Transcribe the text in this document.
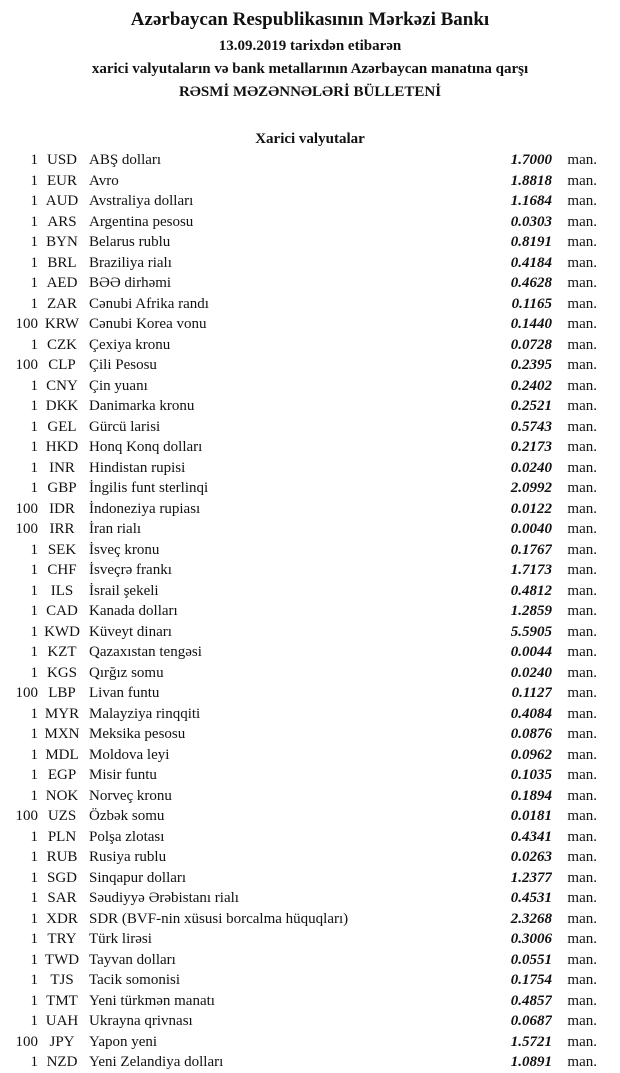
Azərbaycan Respublikasının Mərkəzi Bankı
13.09.2019 tarixdən etibarən
xarici valyutaların və bank metallarının Azərbaycan manatına qarşı
RƏSMİ MƏZƏNNƏLƏRİ BÜLLETENİ
Xarici valyutalar
1 USD ABŞ dolları	1.7000	man.
1 EUR Avro	1.8818	man.
1 AUD Avstraliya dolları	1.1684	man.
1 ARS Argentina pesosu	0.0303	man.
1 BYN Belarus rublu	0.8191	man.
1 BRL Braziliya rialı	0.4184	man.
1 AED BƏƏ dirhəmi	0.4628	man.
1 ZAR Cənubi Afrika randı	0.1165	man.
100 KRW Cənubi Korea vonu	0.1440	man.
1 CZK Çexiya kronu	0.0728	man.
100 CLP Çili Pesosu	0.2395	man.
1 CNY Çin yuanı	0.2402	man.
1 DKK Danimarka kronu	0.2521	man.
1 GEL Gürcü larisi	0.5743	man.
1 HKD Honq Konq dolları	0.2173	man.
1 INR Hindistan rupisi	0.0240	man.
1 GBP İngilis funt sterlinqi	2.0992	man.
100 IDR İndoneziya rupiası	0.0122	man.
100 IRR İran rialı	0.0040	man.
1 SEK İsveç kronu	0.1767	man.
1 CHF İsveçrə frankı	1.7173	man.
1 ILS	İsrail şekeli	0.4812	man.
1 CAD Kanada dolları	1.2859	man.
1 KWD Küveyt dinarı	5.5905	man.
1 KZT Qazaxıstan tengəsi	0.0044	man.
1 KGS Qırğız somu	0.0240	man.
100 LBP Livan funtu	0.1127	man.
1 MYR Malayziya rinqqiti	0.4084	man.
1 MXN Meksika pesosu	0.0876	man.
1 MDL Moldova leyi	0.0962	man.
1 EGP Misir funtu	0.1035	man.
1 NOK Norveç kronu	0.1894	man.
100 UZS Özbək somu	0.0181	man.
1 PLN Polşa zlotası	0.4341	man.
1 RUB Rusiya rublu	0.0263	man.
1 SGD Sinqapur dolları	1.2377	man.
1 SAR Səudiyyə Ərəbistanı rialı	0.4531	man.
1 XDR SDR (BVF-nin xüsusi borcalma hüquqları)	2.3268	man.
1 TRY Türk lirəsi	0.3006	man.
1 TWD Tayvan dolları	0.0551	man.
1 TJS	Tacik somonisi	0.1754	man.
1 TMT Yeni türkmən manatı	0.4857	man.
1 UAH Ukrayna qrivnası	0.0687	man.
100 JPY Yapon yeni	1.5721	man.
1 NZD Yeni Zelandiya dolları	1.0891	man.
